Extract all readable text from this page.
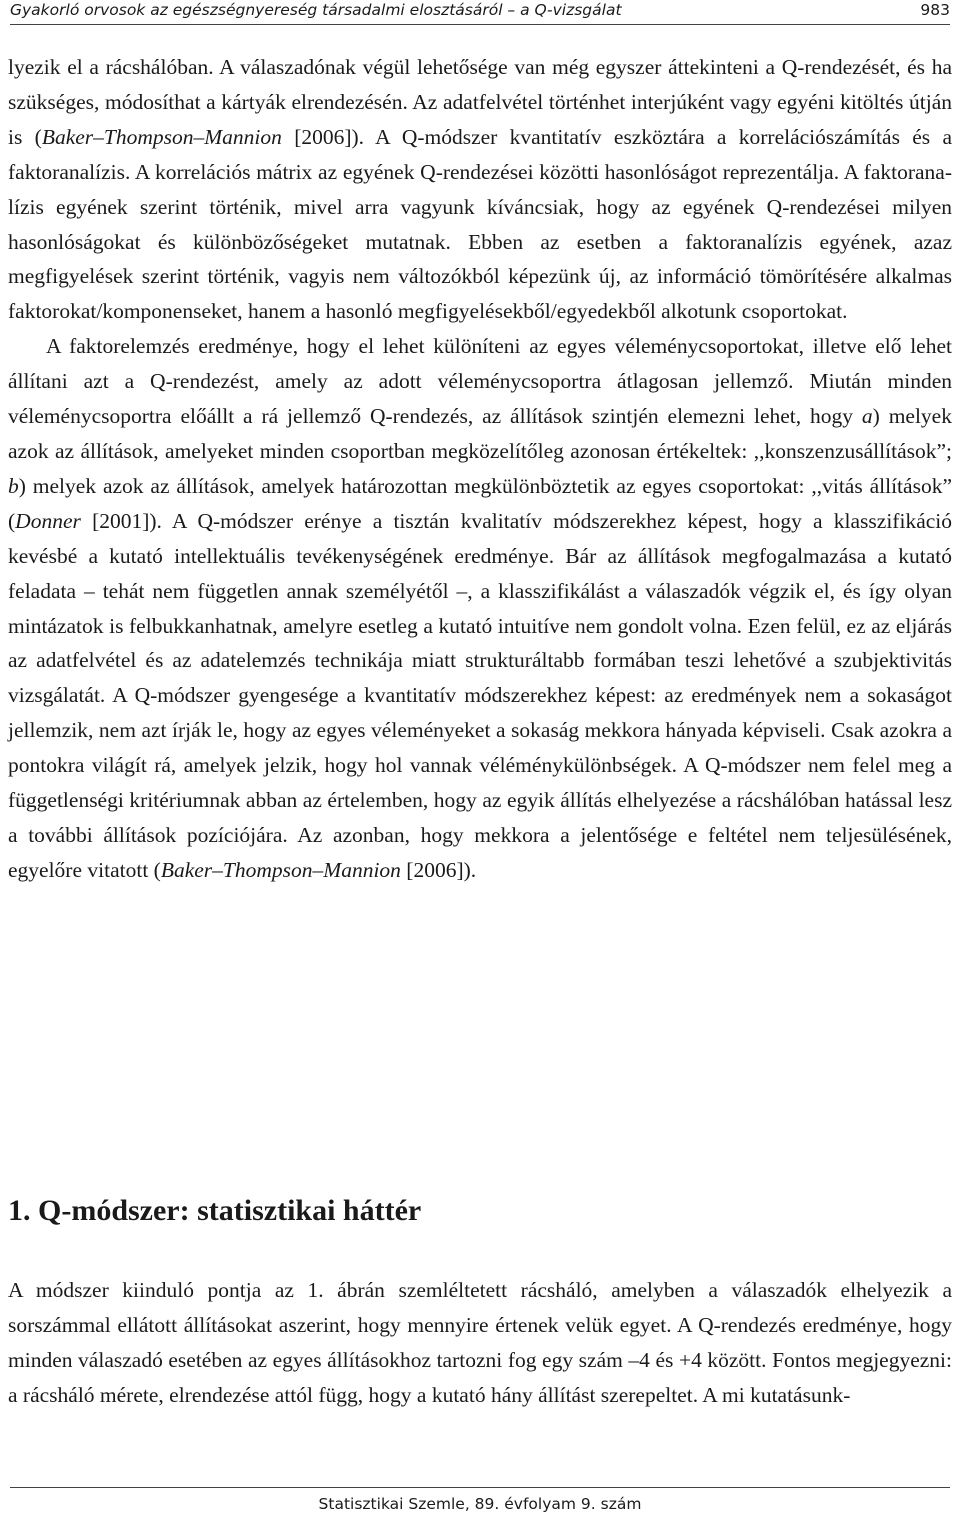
Gyakorló orvosok az egészségnyereség társadalmi elosztásáról – a Q-vizsgálat	983

lyezik el a rácshálóban. A válaszadónak végül lehetősége van még egyszer áttekinteni a Q-rendezését, és ha szükséges, módosíthat a kártyák elrendezésén. Az adatfelvétel történhet interjúként vagy egyéni kitöltés útján is (Baker–Thompson–Mannion [2006]). A Q-módszer kvantitatív eszköztára a korrelációszámítás és a faktoranalízis. A korrelációs mátrix az egyének Q-rendezései közötti hasonlóságot reprezentálja. A faktoranalízis egyének szerint történik, mivel arra vagyunk kíváncsiak, hogy az egyének Q-rendezései milyen hasonlóságokat és különbözőségeket mutatnak. Ebben az esetben a faktoranalízis egyének, azaz megfigyelések szerint történik, vagyis nem változókból képezünk új, az információ tömörítésére alkalmas faktorokat/komponenseket, hanem a hasonló megfigyelésekből/egyedekből alkotunk csoportokat.

A faktorelemzés eredménye, hogy el lehet különíteni az egyes véleménycsoportokat, illetve elő lehet állítani azt a Q-rendezést, amely az adott véleménycsoportra átlagosan jellemző. Miután minden véleménycsoportra előállt a rá jellemző Q-rendezés, az állítások szintjén elemezni lehet, hogy a) melyek azok az állítások, amelyeket minden csoportban megközelítőleg azonosan értékeltek: ,,konszenzusállítások”; b) melyek azok az állítások, amelyek határozottan megkülönböztetik az egyes csoportokat: ,,vitás állítások” (Donner [2001]). A Q-módszer erénye a tisztán kvalitatív módszerekhez képest, hogy a klasszifikáció kevésbé a kutató intellektuális tevékenységének eredménye. Bár az állítások megfogalmazása a kutató feladata – tehát nem független annak személyétől –, a klasszifikálást a válaszadók végzik el, és így olyan mintázatok is felbukkanhatnak, amelyre esetleg a kutató intuitíve nem gondolt volna. Ezen felül, ez az eljárás az adatfelvétel és az adatelemzés technikája miatt strukturáltabb formában teszi lehetővé a szubjektivitás vizsgálatát. A Q-módszer gyengesége a kvantitatív módszerekhez képest: az eredmények nem a sokaságot jellemzik, nem azt írják le, hogy az egyes véleményeket a sokaság mekkora hányada képviseli. Csak azokra a pontokra világít rá, amelyek jelzik, hogy hol vannak véléménykülönbségek. A Q-módszer nem felel meg a függetlenségi kritériumnak abban az értelemben, hogy az egyik állítás elhelyezése a rácshálóban hatással lesz a további állítások pozíciójára. Az azonban, hogy mekkora a jelentősége e feltétel nem teljesülésének, egyelőre vitatott (Baker–Thompson–Mannion [2006]).

1. Q-módszer: statisztikai háttér

A módszer kiinduló pontja az 1. ábrán szemléltetett rácsháló, amelyben a válaszadók elhelyezik a sorszámmal ellátott állításokat aszerint, hogy mennyire értenek velük egyet. A Q-rendezés eredménye, hogy minden válaszadó esetében az egyes állításokhoz tartozni fog egy szám –4 és +4 között. Fontos megjegyezni: a rácsháló mérete, elrendezése attól függ, hogy a kutató hány állítást szerepeltet. A mi kutatásunk-

Statisztikai Szemle, 89. évfolyam 9. szám
